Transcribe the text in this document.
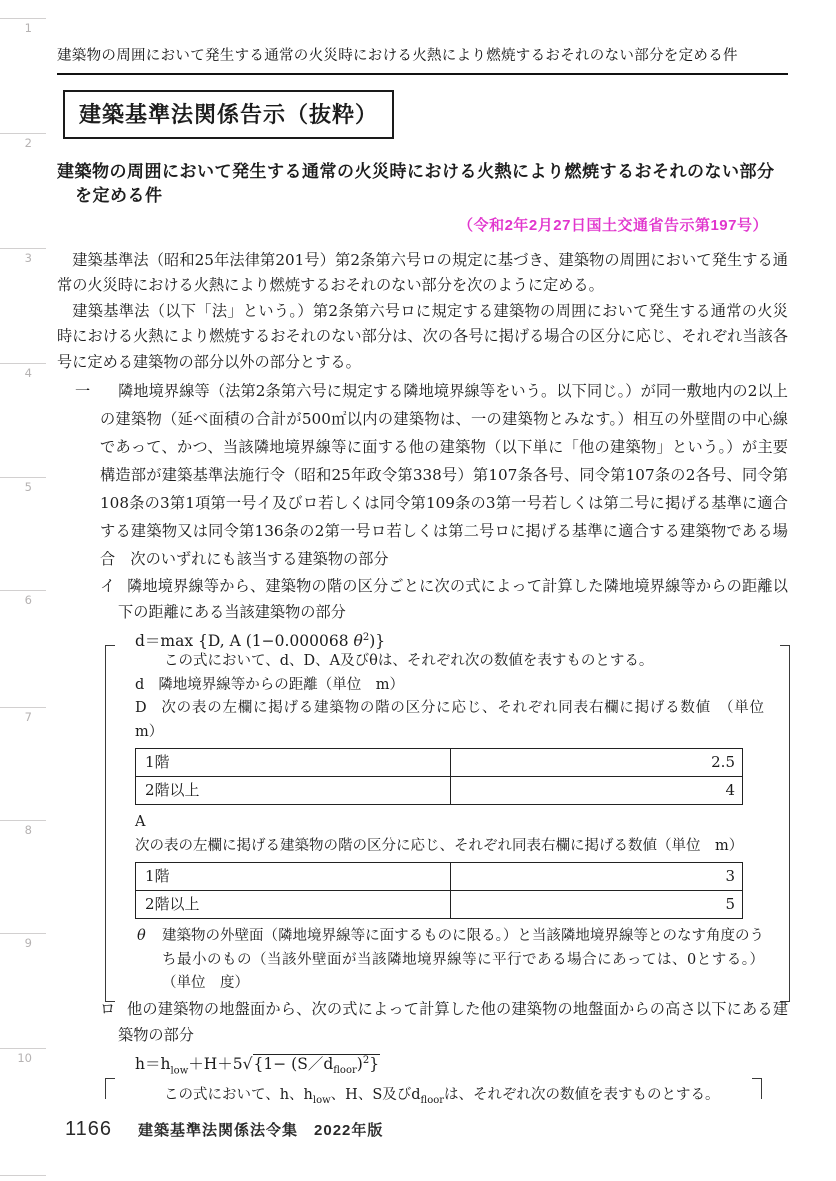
1
2
3
4
5
6
7
8
9
10
建築物の周囲において発生する通常の火災時における火熱により燃焼するおそれのない部分を定める件
建築基準法関係告示（抜粋）
建築物の周囲において発生する通常の火災時における火熱により燃焼するおそれのない部分
を定める件
（令和2年2月27日国土交通省告示第197号）
建築基準法（昭和25年法律第201号）第2条第六号ロの規定に基づき、建築物の周囲において発生する通常の火災時における火熱により燃焼するおそれのない部分を次のように定める。
建築基準法（以下「法」という。）第2条第六号ロに規定する建築物の周囲において発生する通常の火災時における火熱により燃焼するおそれのない部分は、次の各号に掲げる場合の区分に応じ、それぞれ当該各号に定める建築物の部分以外の部分とする。
一 隣地境界線等（法第2条第六号に規定する隣地境界線等をいう。以下同じ。）が同一敷地内の2以上の建築物（延べ面積の合計が500㎡以内の建築物は、一の建築物とみなす。）相互の外壁間の中心線であって、かつ、当該隣地境界線等に面する他の建築物（以下単に「他の建築物」という。）が主要構造部が建築基準法施行令（昭和25年政令第338号）第107条各号、同令第107条の2各号、同令第108条の3第1項第一号イ及びロ若しくは同令第109条の3第一号若しくは第二号に掲げる基準に適合する建築物又は同令第136条の2第一号ロ若しくは第二号ロに掲げる基準に適合する建築物である場合　次のいずれにも該当する建築物の部分
イ 隣地境界線等から、建築物の階の区分ごとに次の式によって計算した隣地境界線等からの距離以下の距離にある当該建築物の部分
d＝max {D, A (1−0.000068 $\theta^2$)}
この式において、d、D、A及びθは、それぞれ次の数値を表すものとする。
d 隣地境界線等からの距離（単位　m）
D 次の表の左欄に掲げる建築物の階の区分に応じ、それぞれ同表右欄に掲げる数値　（単位　m）
1階	2.5
2階以上	4
A次の表の左欄に掲げる建築物の階の区分に応じ、それぞれ同表右欄に掲げる数値（単位　m）
1階	3
2階以上	5
θ 建築物の外壁面（隣地境界線等に面するものに限る。）と当該隣地境界線等とのなす角度のうち最小のもの（当該外壁面が当該隣地境界線等に平行である場合にあっては、0とする。）（単位　度）
ロ 他の建築物の地盤面から、次の式によって計算した他の建築物の地盤面からの高さ以下にある建築物の部分
$h=h_{low}+H+5√\{1-$ $(S/d_{floor})^2$}
この式において、h、$h_{low}$、H、S及び$d_{floor}$は、それぞれ次の数値を表すものとする。
1166 建築基準法関係法令集　2022年版
